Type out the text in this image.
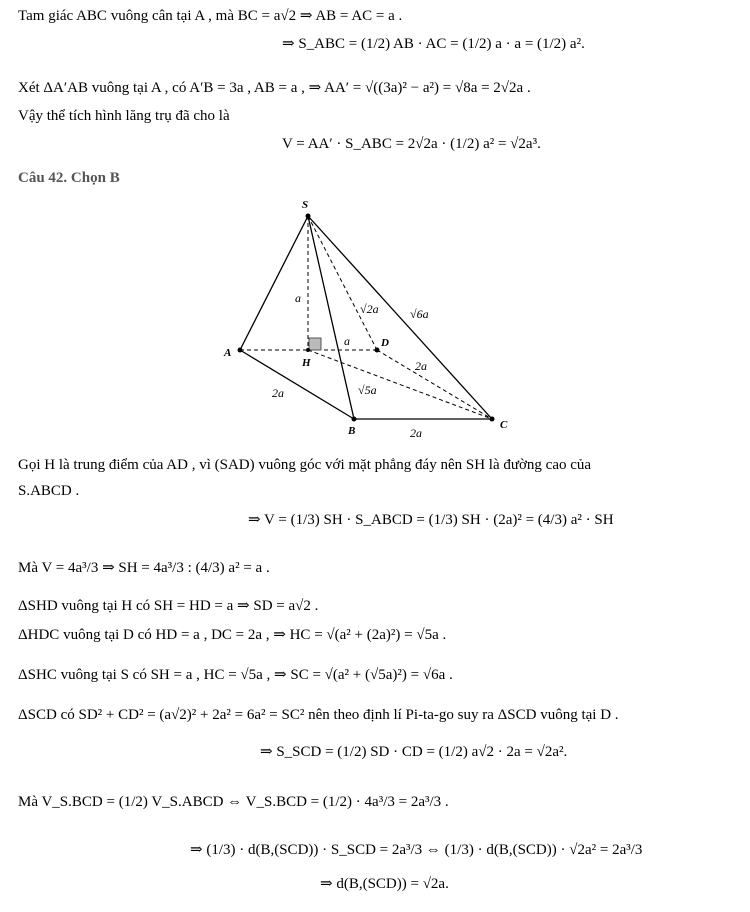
Tam giác ABC vuông cân tại A , mà BC = a√2 ⇒ AB = AC = a .
⇒ S_ABC = (1/2) AB · AC = (1/2) a · a = (1/2) a².
Xét ΔA′AB vuông tại A , có A′B = 3a , AB = a , ⇒ AA′ = √((3a)² − a²) = √8a = 2√2a .
Vậy thể tích hình lăng trụ đã cho là
V = AA′ · S_ABC = 2√2a · (1/2) a² = √2a³.
Câu 42. Chọn B
S
A
B	C
D
H
a
√2a	√6a
a
2a
√5a
2a
2a
Gọi H là trung điểm của AD , vì (SAD) vuông góc với mặt phẳng đáy nên SH là đường cao của
S.ABCD .
⇒ V = (1/3) SH · S_ABCD = (1/3) SH · (2a)² = (4/3) a² · SH
Mà V = 4a³/3 ⇒ SH = 4a³/3 : (4/3) a² = a .
ΔSHD vuông tại H có SH = HD = a ⇒ SD = a√2 .
ΔHDC vuông tại D có HD = a , DC = 2a , ⇒ HC = √(a² + (2a)²) = √5a .
ΔSHC vuông tại S có SH = a , HC = √5a , ⇒ SC = √(a² + (√5a)²) = √6a .
ΔSCD có SD² + CD² = (a√2)² + 2a² = 6a² = SC² nên theo định lí Pi-ta-go suy ra ΔSCD vuông tại D .
⇒ S_SCD = (1/2) SD · CD = (1/2) a√2 · 2a = √2a².
Mà V_S.BCD = (1/2) V_S.ABCD ⇔ V_S.BCD = (1/2) · 4a³/3 = 2a³/3 .
⇒ (1/3) · d(B,(SCD)) · S_SCD = 2a³/3 ⇔ (1/3) · d(B,(SCD)) · √2a² = 2a³/3
⇒ d(B,(SCD)) = √2a.
